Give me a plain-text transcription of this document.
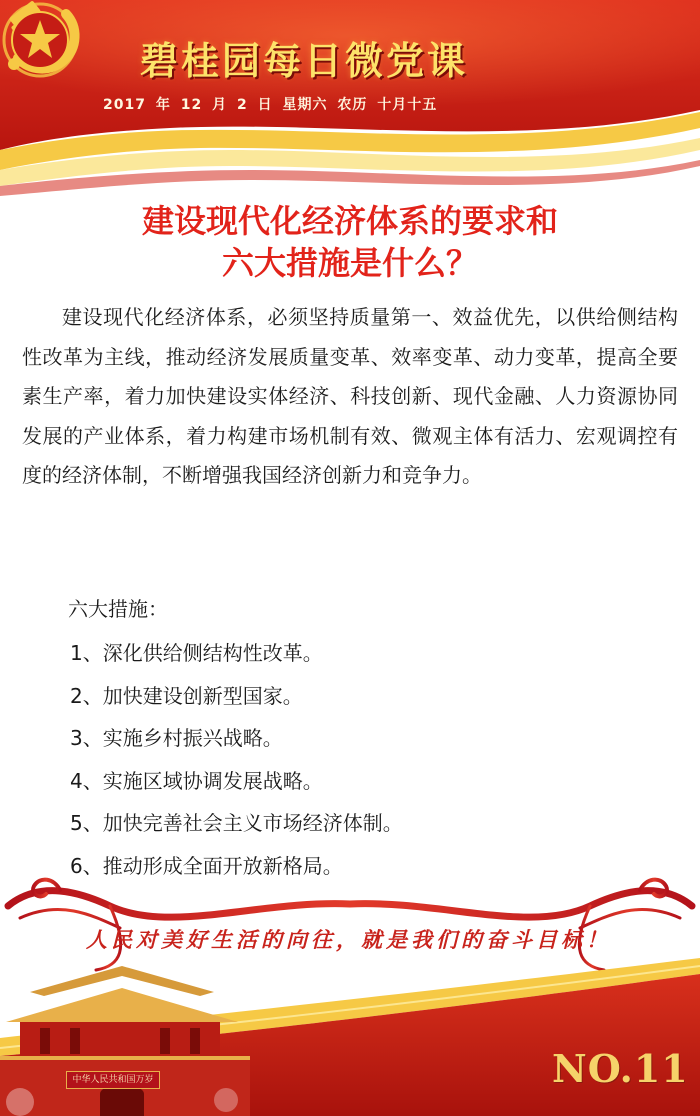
碧桂园每日微党课
2017 年 12 月 2 日 星期六 农历 十月十五
建设现代化经济体系的要求和
六大措施是什么？

建设现代化经济体系，必须坚持质量第一、效益优先，以供给侧结构性改革为主线，推动经济发展质量变革、效率变革、动力变革，提高全要素生产率，着力加快建设实体经济、科技创新、现代金融、人力资源协同发展的产业体系，着力构建市场机制有效、微观主体有活力、宏观调控有度的经济体制，不断增强我国经济创新力和竞争力。

六大措施：
1、深化供给侧结构性改革。
2、加快建设创新型国家。
3、实施乡村振兴战略。
4、实施区域协调发展战略。
5、加快完善社会主义市场经济体制。
6、推动形成全面开放新格局。
人民对美好生活的向往，就是我们的奋斗目标！
中华人民共和国万岁	NO.11
